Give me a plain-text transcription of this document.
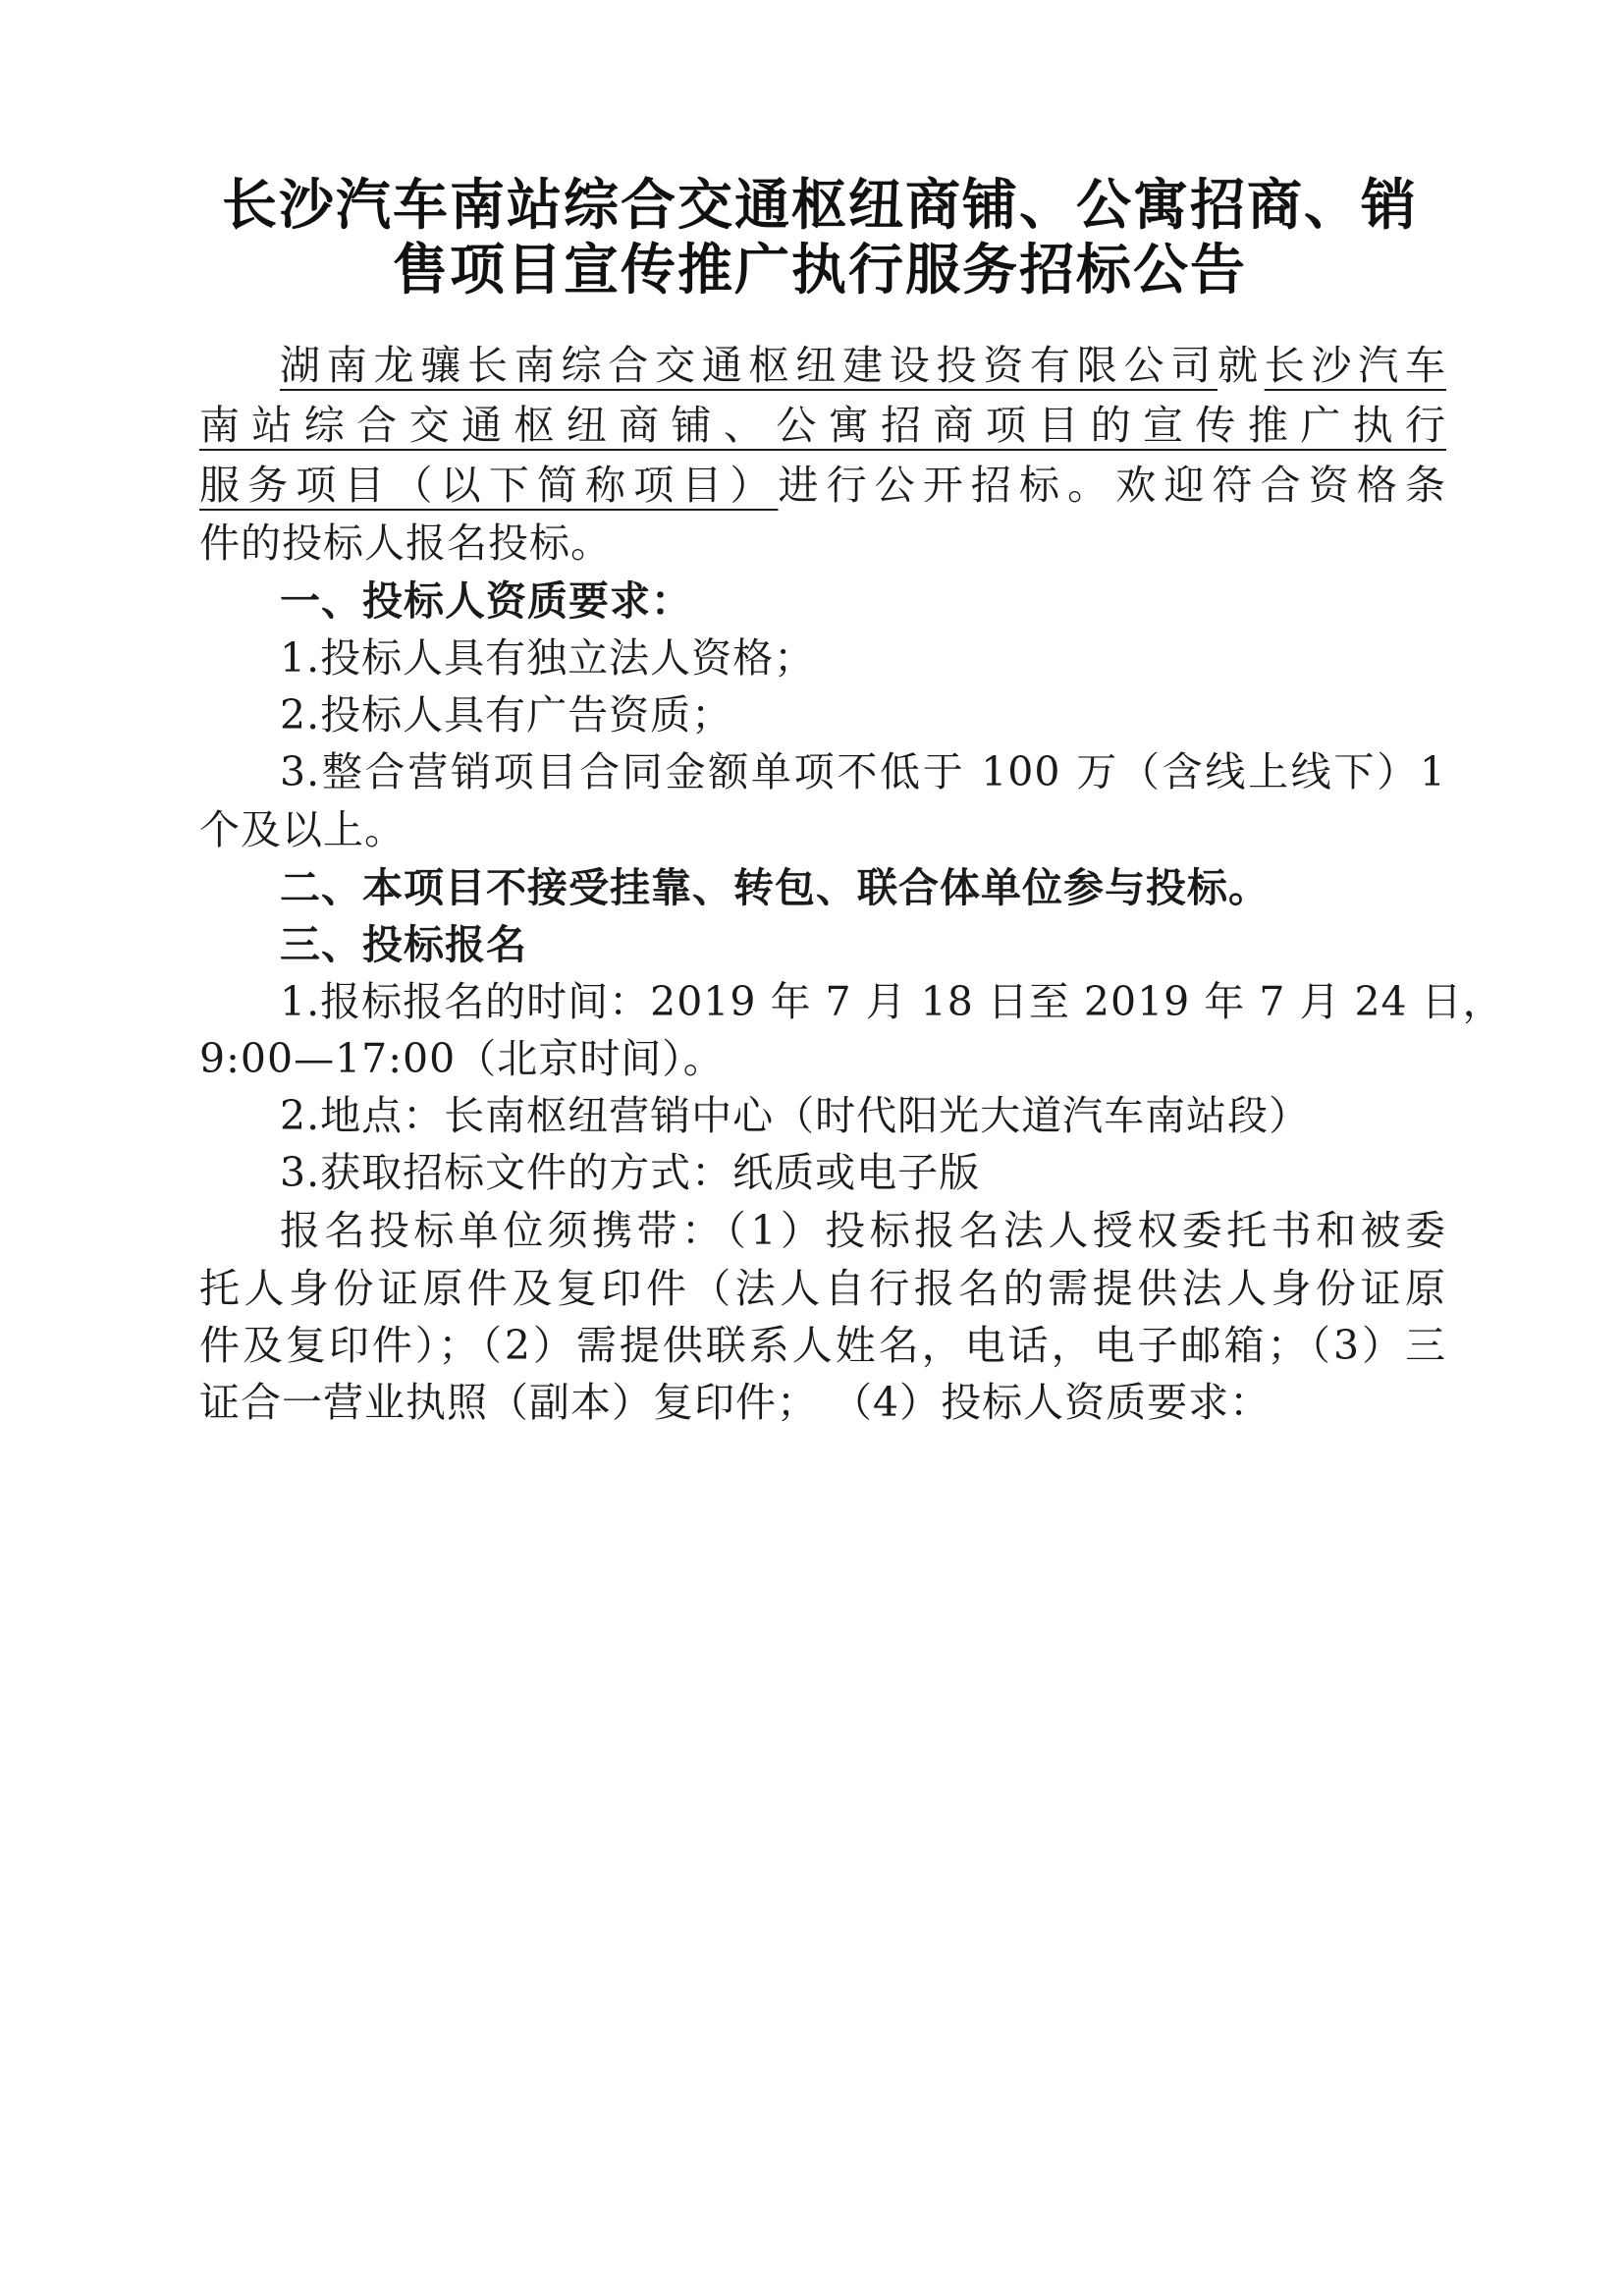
长沙汽车南站综合交通枢纽商铺、公寓招商、销
售项目宣传推广执行服务招标公告
湖南龙骧长南综合交通枢纽建设投资有限公司就长沙汽车
南站综合交通枢纽商铺、公寓招商项目的宣传推广执行
服务项目（以下简称项目）进行公开招标。欢迎符合资格条
件的投标人报名投标。
一、投标人资质要求：
1.投标人具有独立法人资格；
2.投标人具有广告资质；
3.整合营销项目合同金额单项不低于 100 万（含线上线下）1
个及以上。
二、本项目不接受挂靠、转包、联合体单位参与投标。
三、投标报名
1.报标报名的时间：2019 年 7 月 18 日至 2019 年 7 月 24 日，
9:00—17:00（北京时间）。
2.地点：长南枢纽营销中心（时代阳光大道汽车南站段）
3.获取招标文件的方式：纸质或电子版
报名投标单位须携带：（1）投标报名法人授权委托书和被委
托人身份证原件及复印件（法人自行报名的需提供法人身份证原
件及复印件）；（2）需提供联系人姓名，电话，电子邮箱；（3）三
证合一营业执照（副本）复印件； （4）投标人资质要求：
